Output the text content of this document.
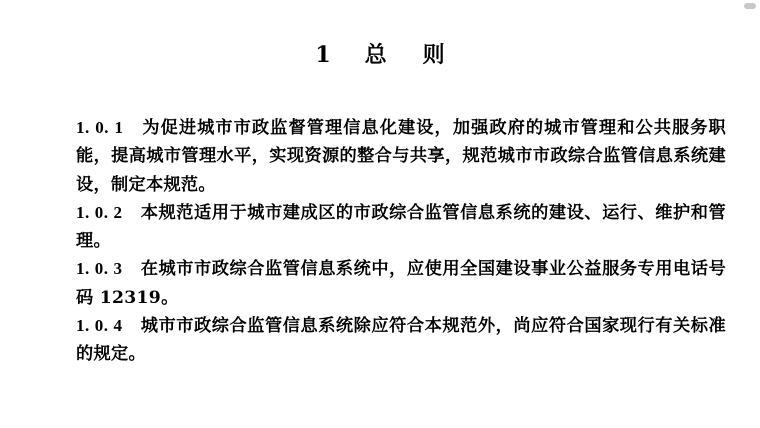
1 总 则

1. 0. 1 为促进城市市政监督管理信息化建设，加强政府的城市管理和公共服务职能，提高城市管理水平，实现资源的整合与共享，规范城市市政综合监管信息系统建设，制定本规范。

1. 0. 2 本规范适用于城市建成区的市政综合监管信息系统的建设、运行、维护和管理。

1. 0. 3 在城市市政综合监管信息系统中，应使用全国建设事业公益服务专用电话号码 12319。

1. 0. 4 城市市政综合监管信息系统除应符合本规范外，尚应符合国家现行有关标准的规定。
